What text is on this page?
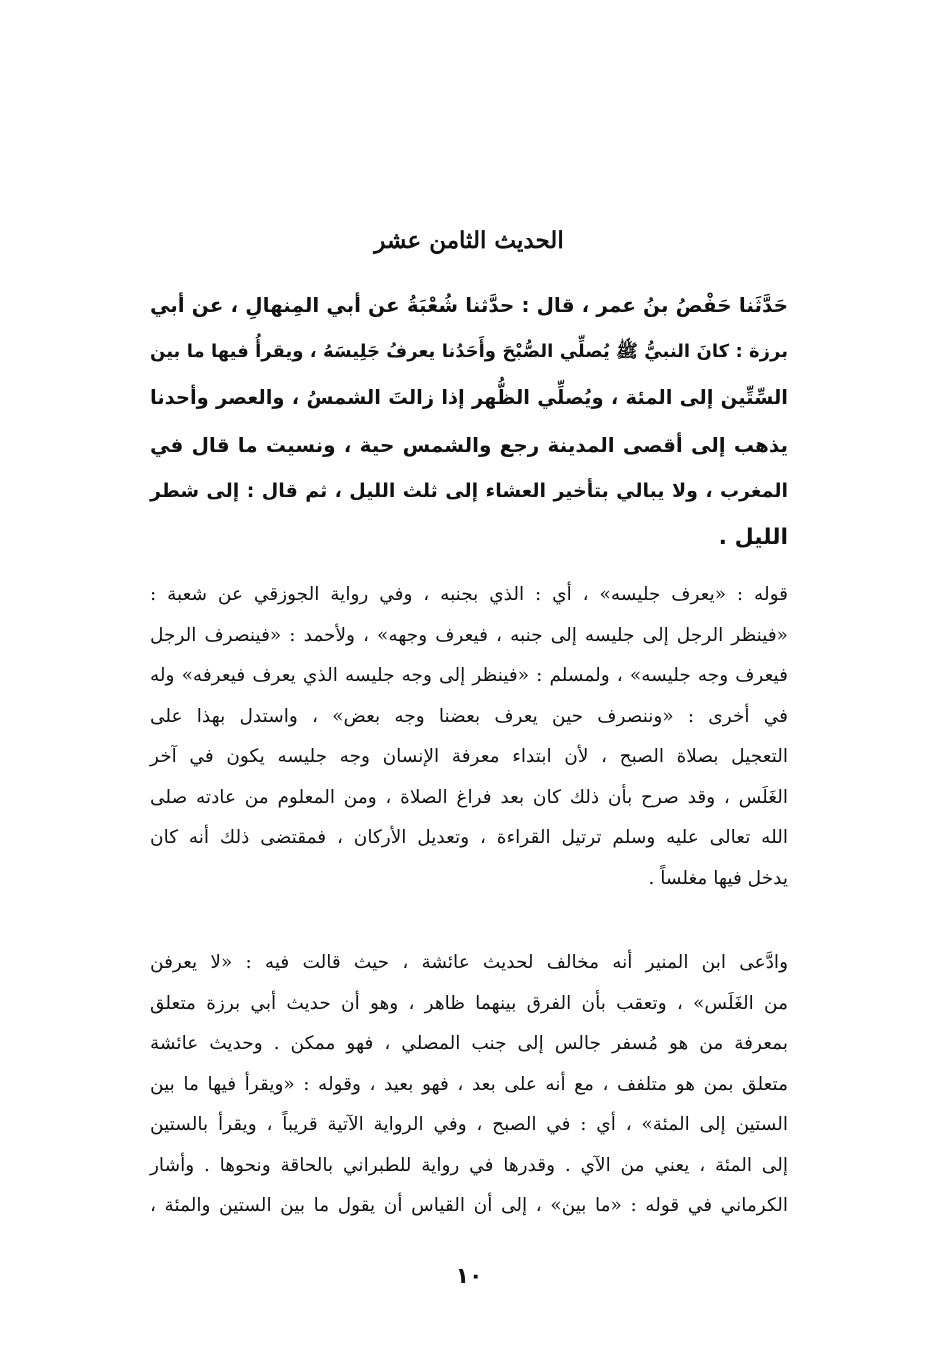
الحديث الثامن عشر
حَدَّثَنا حَفْصُ بنُ عمر ، قال : حدَّثنا شُعْبَةُ عن أبي المِنهالِ ، عن أبي
برزة : كانَ النبيُّ ﷺ يُصلِّي الصُّبْحَ وأَحَدُنا يعرفُ جَلِيسَهُ ، ويقرأُ فيها ما بين
السِّتِّين إلى المئة ، ويُصلِّي الظُّهر إذا زالتَ الشمسُ ، والعصر وأحدنا
يذهب إلى أقصى المدينة رجع والشمس حية ، ونسيت ما قال في
المغرب ، ولا يبالي بتأخير العشاء إلى ثلث الليل ، ثم قال : إلى شطر
الليل .
قوله : «يعرف جليسه» ، أي : الذي بجنبه ، وفي رواية الجوزقي عن شعبة :
«فينظر الرجل إلى جليسه إلى جنبه ، فيعرف وجهه» ، ولأحمد : «فينصرف الرجل
فيعرف وجه جليسه» ، ولمسلم : «فينظر إلى وجه جليسه الذي يعرف فيعرفه» وله
في أخرى : «وننصرف حين يعرف بعضنا وجه بعض» ، واستدل بهذا على
التعجيل بصلاة الصبح ، لأن ابتداء معرفة الإنسان وجه جليسه يكون في آخر
الغَلَس ، وقد صرح بأن ذلك كان بعد فراغ الصلاة ، ومن المعلوم من عادته صلى
الله تعالى عليه وسلم ترتيل القراءة ، وتعديل الأركان ، فمقتضى ذلك أنه كان
يدخل فيها مغلساً .
وادَّعى ابن المنير أنه مخالف لحديث عائشة ، حيث قالت فيه : «لا يعرفن
من الغَلَس» ، وتعقب بأن الفرق بينهما ظاهر ، وهو أن حديث أبي برزة متعلق
بمعرفة من هو مُسفر جالس إلى جنب المصلي ، فهو ممكن . وحديث عائشة
متعلق بمن هو متلفف ، مع أنه على بعد ، فهو بعيد ، وقوله : «ويقرأ فيها ما بين
الستين إلى المئة» ، أي : في الصبح ، وفي الرواية الآتية قريباً ، ويقرأ بالستين
إلى المئة ، يعني من الآي . وقدرها في رواية للطبراني بالحاقة ونحوها . وأشار
الكرماني في قوله : «ما بين» ، إلى أن القياس أن يقول ما بين الستين والمئة ،
١٠
